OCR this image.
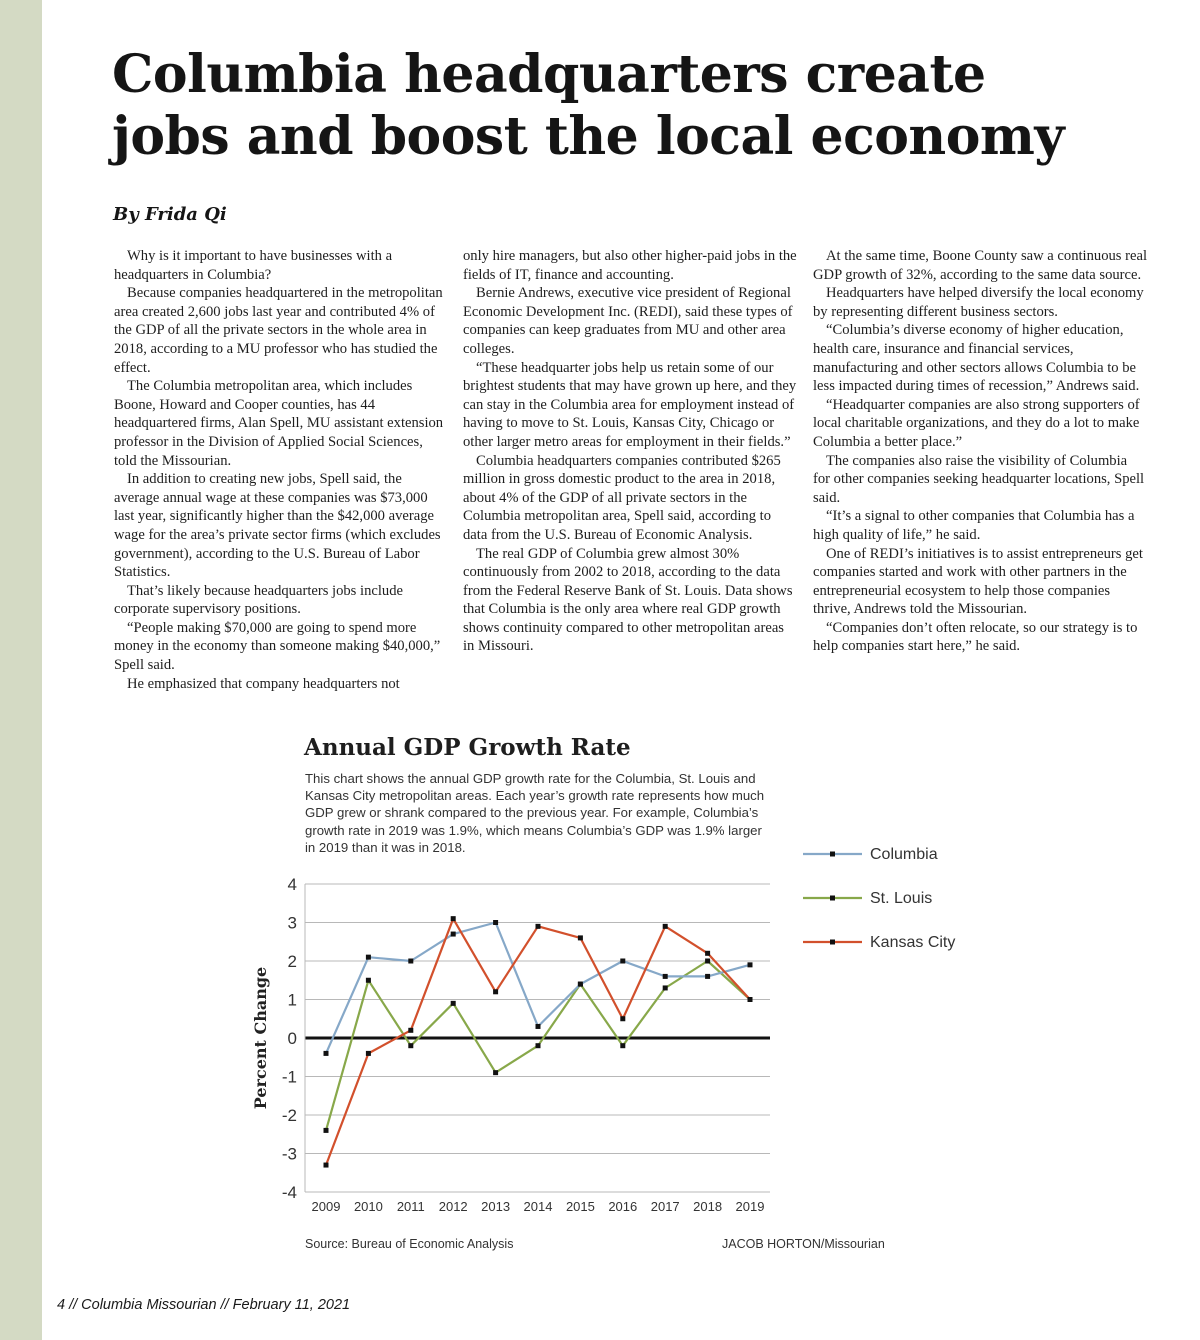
Columbia headquarters create jobs and boost the local economy
By Frida Qi

Why is it important to have businesses with a headquarters in Columbia?

Because companies headquartered in the metropolitan area created 2,600 jobs last year and contributed 4% of the GDP of all the private sectors in the whole area in 2018, according to a MU professor who has studied the effect.

The Columbia metropolitan area, which includes Boone, Howard and Cooper counties, has 44 headquartered firms, Alan Spell, MU assistant extension professor in the Division of Applied Social Sciences, told the Missourian.

In addition to creating new jobs, Spell said, the average annual wage at these companies was $73,000 last year, significantly higher than the $42,000 average wage for the area’s private sector firms (which excludes government), according to the U.S. Bureau of Labor Statistics.

That’s likely because headquarters jobs include corporate supervisory positions.

“People making $70,000 are going to spend more money in the economy than someone making $40,000,” Spell said.

He emphasized that company headquarters not

only hire managers, but also other higher-paid jobs in the fields of IT, finance and accounting.

Bernie Andrews, executive vice president of Regional Economic Development Inc. (REDI), said these types of companies can keep graduates from MU and other area colleges.

“These headquarter jobs help us retain some of our brightest students that may have grown up here, and they can stay in the Columbia area for employment instead of having to move to St. Louis, Kansas City, Chicago or other larger metro areas for employment in their fields.”

Columbia headquarters companies contributed $265 million in gross domestic product to the area in 2018, about 4% of the GDP of all private sectors in the Columbia metropolitan area, Spell said, according to data from the U.S. Bureau of Economic Analysis.

The real GDP of Columbia grew almost 30% continuously from 2002 to 2018, according to the data from the Federal Reserve Bank of St. Louis. Data shows that Columbia is the only area where real GDP growth shows continuity compared to other metropolitan areas in Missouri.

At the same time, Boone County saw a continuous real GDP growth of 32%, according to the same data source.

Headquarters have helped diversify the local economy by representing different business sectors.

“Columbia’s diverse economy of higher education, health care, insurance and financial services, manufacturing and other sectors allows Columbia to be less impacted during times of recession,” Andrews said.

“Headquarter companies are also strong supporters of local charitable organizations, and they do a lot to make Columbia a better place.”

The companies also raise the visibility of Columbia for other companies seeking headquarter locations, Spell said.

“It’s a signal to other companies that Columbia has a high quality of life,” he said.

One of REDI’s initiatives is to assist entrepreneurs get companies started and work with other partners in the entrepreneurial ecosystem to help those companies thrive, Andrews told the Missourian.

“Companies don’t often relocate, so our strategy is to help companies start here,” he said.

Annual GDP Growth Rate

This chart shows the annual GDP growth rate for the Columbia, St. Louis and Kansas City metropolitan areas. Each year’s growth rate represents how much GDP grew or shrank compared to the previous year. For example, Columbia’s growth rate in 2019 was 1.9%, which means Columbia’s GDP was 1.9% larger in 2019 than it was in 2018.

-4
-3
-2
-1
0
1
2
3
4
2009 2010 2011 2012 2013 2014 2015 2016 2017 2018 2019
Percent Change
Columbia
St. Louis
Kansas City
Source: Bureau of Economic Analysis	JACOB HORTON/Missourian
4 // Columbia Missourian // February 11, 2021
